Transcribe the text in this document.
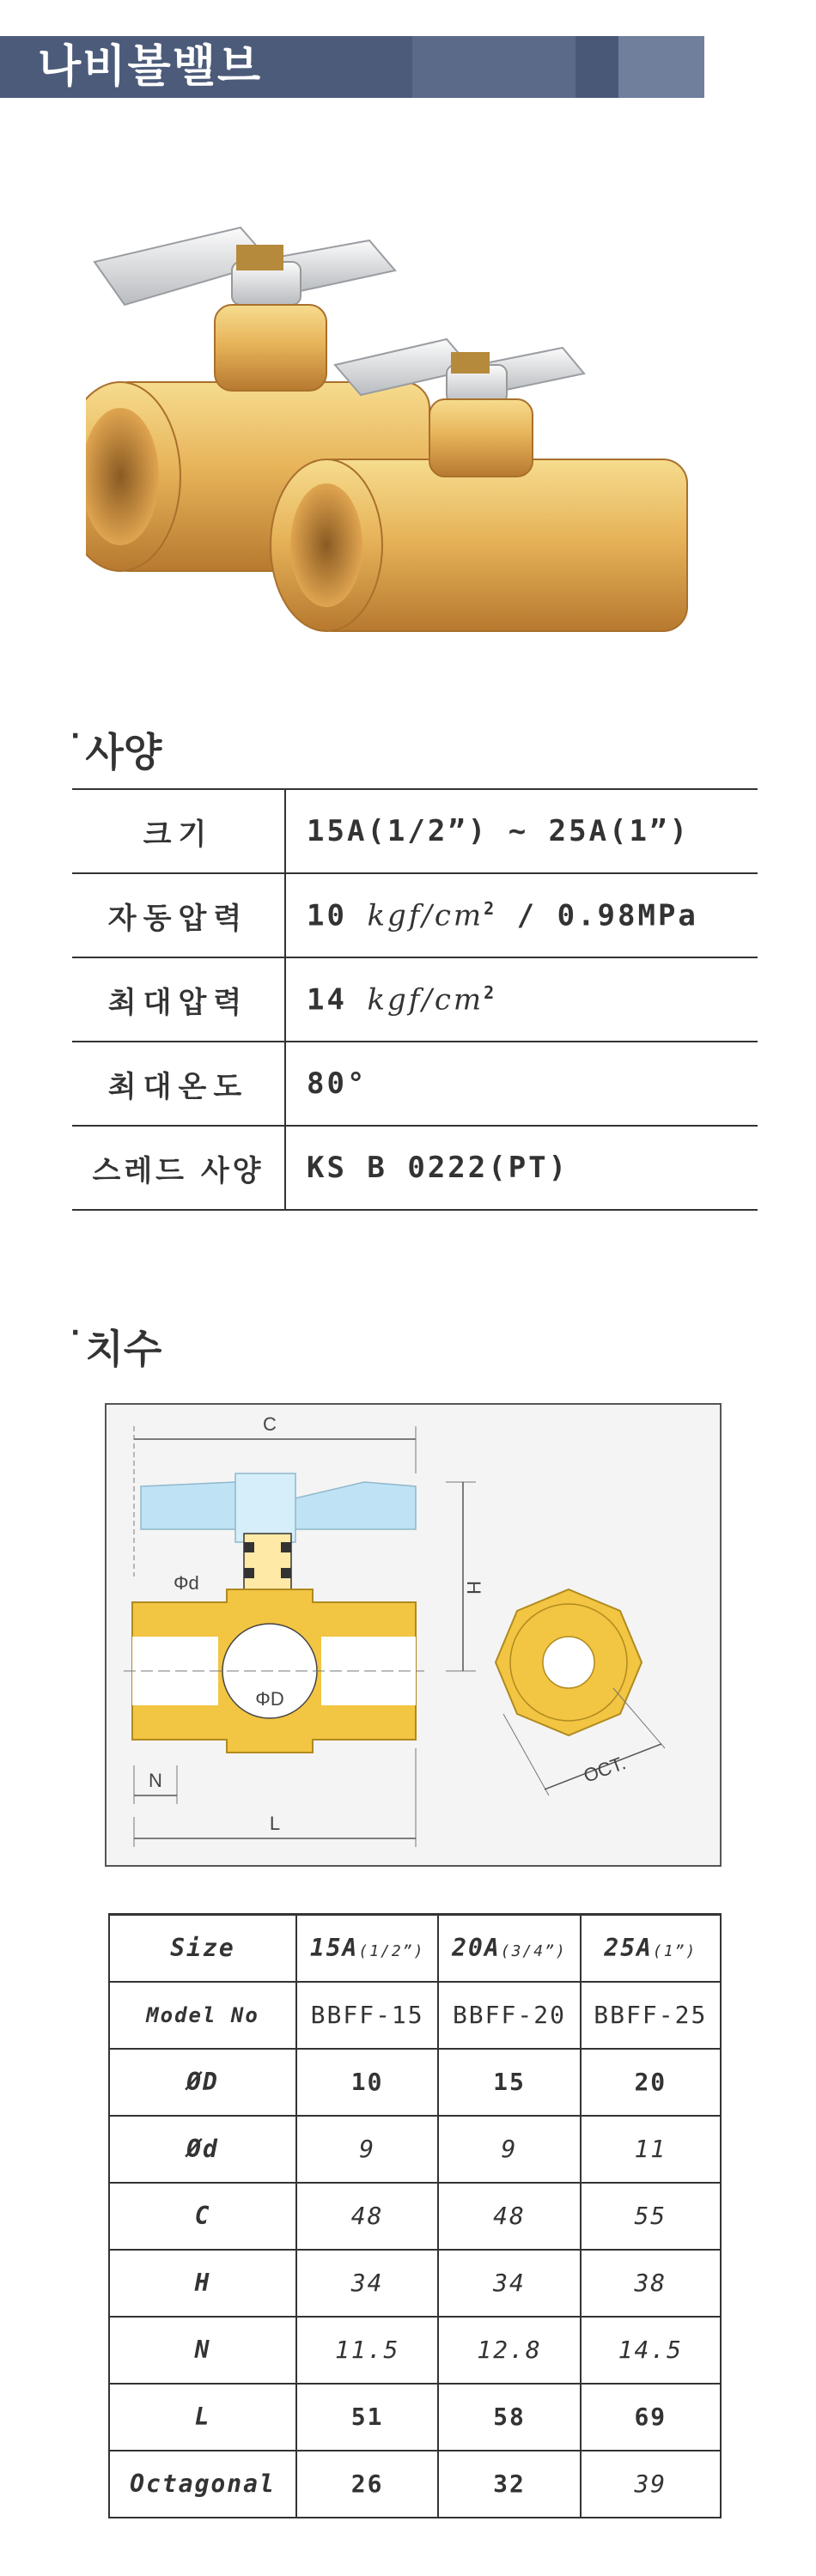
나비볼밸브
· 사양
크기	15A(1/2”) ~ 25A(1”)
자동압력	10 kgf/$cm^2 / 0.98MPa$
최대압력	14 kgf/$cm^2$
최대온도	80°
스레드 사양	KS B 0222(PT)
· 치수
C
Φd
ΦD
H
N
L
OCT.
Size	15A(1/2”)	20A(3/4”)	25A(1”)
Model No	BBFF-15	BBFF-20	BBFF-25
ØD	10	15	20
Ød	9	9	11
C	48	48	55
H	34	34	38
N	11.5	12.8	14.5
L	51	58	69
Octagonal	26	32	39
